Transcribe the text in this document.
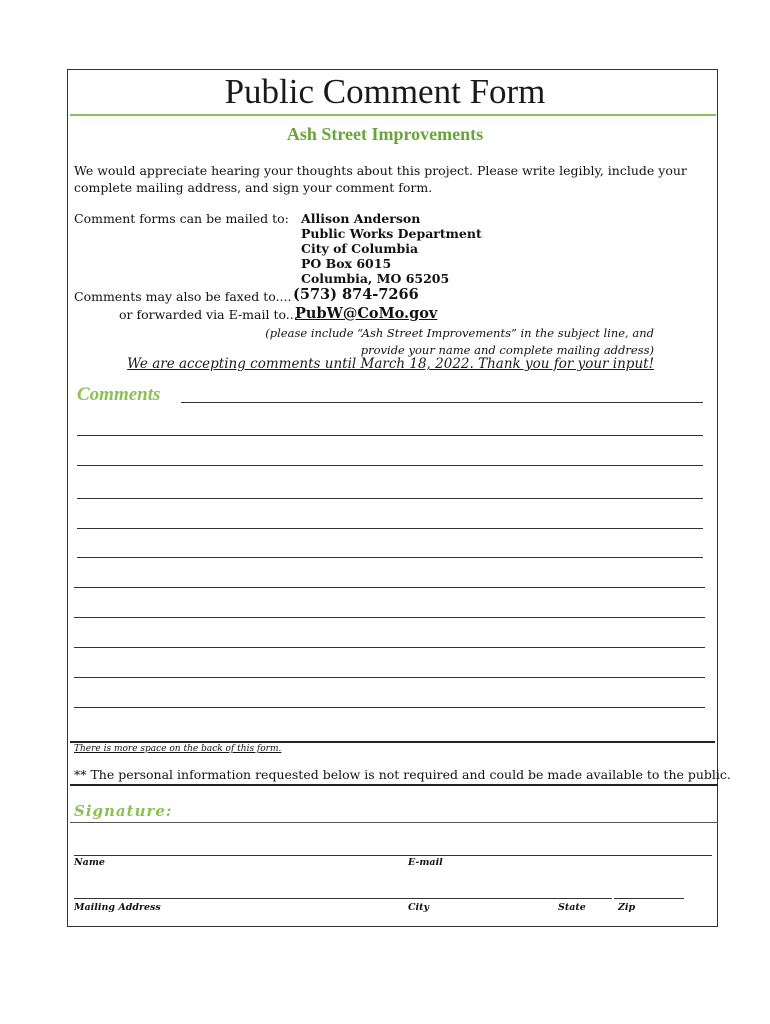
Public Comment Form
Ash Street Improvements
We would appreciate hearing your thoughts about this project. Please write legibly, include your complete mailing address, and sign your comment form.
Comment forms can be mailed to: Allison Anderson
Public Works Department
City of Columbia
PO Box 6015
Columbia, MO 65205
Comments may also be faxed to.... (573) 874-7266
or forwarded via E-mail to...
PubW@CoMo.gov
(please include “Ash Street Improvements” in the subject line, and provide your name and complete mailing address)
We are accepting comments until March 18, 2022. Thank you for your input!
Comments
There is more space on the back of this form.
** The personal information requested below is not required and could be made available to the public.
Signature:
Name	E-mail
Mailing Address	City	State	Zip
